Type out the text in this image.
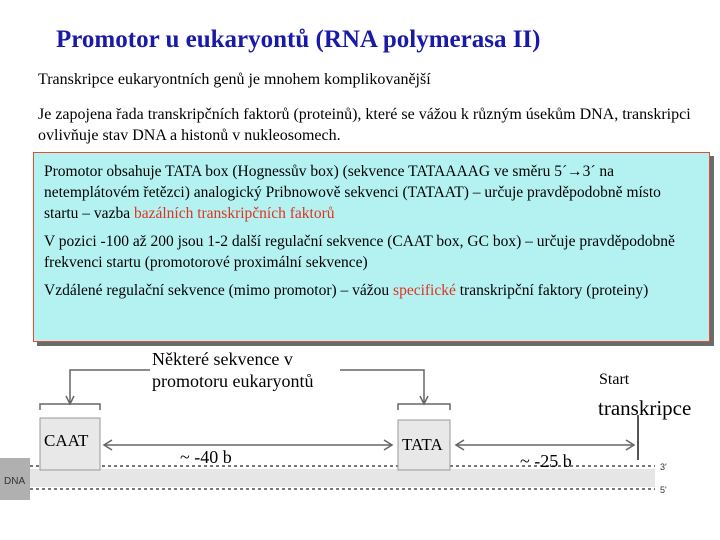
Promotor u eukaryontů (RNA polymerasa II)
Transkripce eukaryontních genů je mnohem komplikovanější
Je zapojena řada transkripčních faktorů (proteinů), které se vážou k různým úsekům DNA, transkripci ovlivňuje stav DNA a histonů v nukleosomech.
Promotor obsahuje TATA box (Hognessův box) (sekvence TATAAAAG ve směru 5´→3´ na netemplátovém řetězci) analogický Pribnowově sekvenci (TATAAT) – určuje pravděpodobně místo startu – vazba bazálních transkripčních faktorů
V pozici -100 až 200 jsou 1-2 další regulační sekvence (CAAT box, GC box) – určuje pravděpodobně frekvenci startu (promotorové proximální sekvence)
Vzdálené regulační sekvence (mimo promotor) – vážou specifické transkripční faktory (proteiny)
DNA
3'
5'
Některé sekvence v
promotoru eukaryontů	Start
transkripce
CAAT	TATA
~ -40 b	~ -25 b
